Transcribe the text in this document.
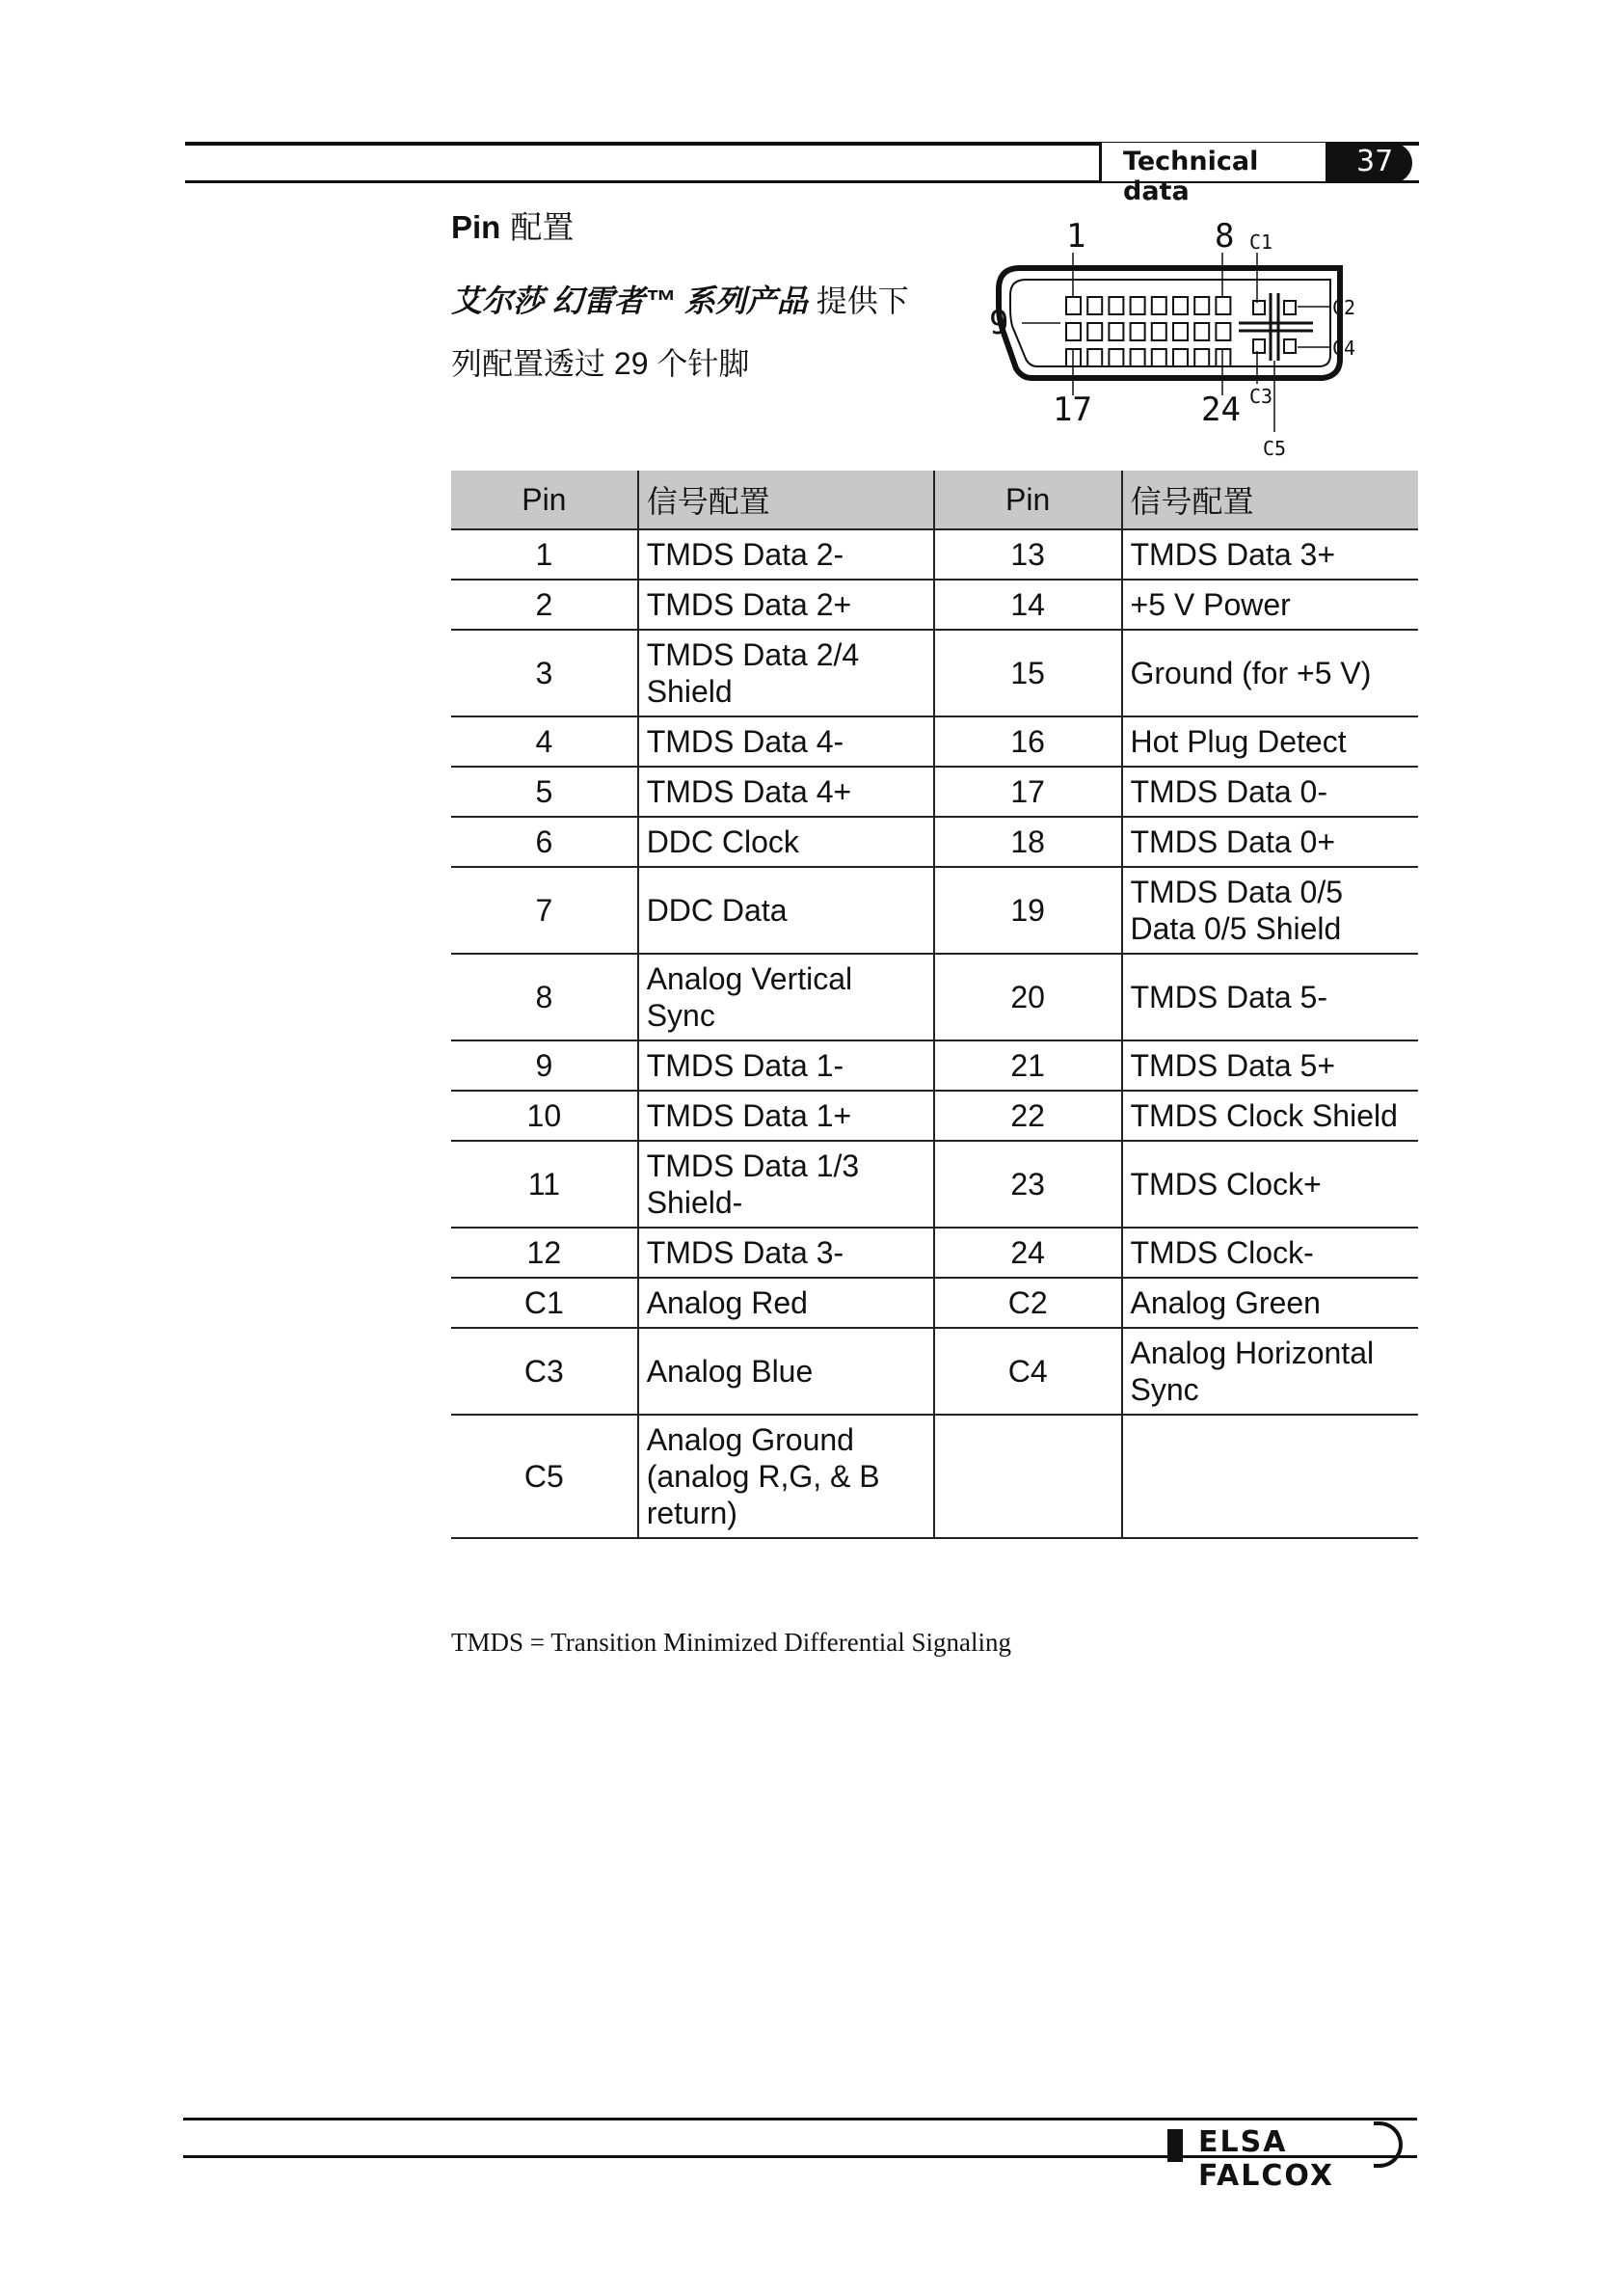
Technical data
37
Pin 配置
艾尔莎 幻雷者™ 系列产品 提供下
列配置透过 29 个针脚
1	8 C1
C2
C4
9
C3
17	24
C5
Pin	信号配置	Pin	信号配置
1	TMDS Data 2-	13	TMDS Data 3+
2	TMDS Data 2+	14	+5 V Power
3	TMDS Data 2/4 Shield	15	Ground (for +5 V)
4	TMDS Data 4-	16	Hot Plug Detect
5	TMDS Data 4+	17	TMDS Data 0-
6	DDC Clock	18	TMDS Data 0+
7	DDC Data	19	TMDS Data 0/5 Data 0/5 Shield
8	Analog Vertical Sync	20	TMDS Data 5-
9	TMDS Data 1-	21	TMDS Data 5+
10	TMDS Data 1+	22	TMDS Clock Shield
11	TMDS Data 1/3 Shield-	23	TMDS Clock+
12	TMDS Data 3-	24	TMDS Clock-
C1	Analog Red	C2	Analog Green
C3	Analog Blue	C4	Analog Horizontal Sync
C5	Analog Ground (analog R,G, & B return)		
TMDS = Transition Minimized Differential Signaling
ELSA FALCOX
